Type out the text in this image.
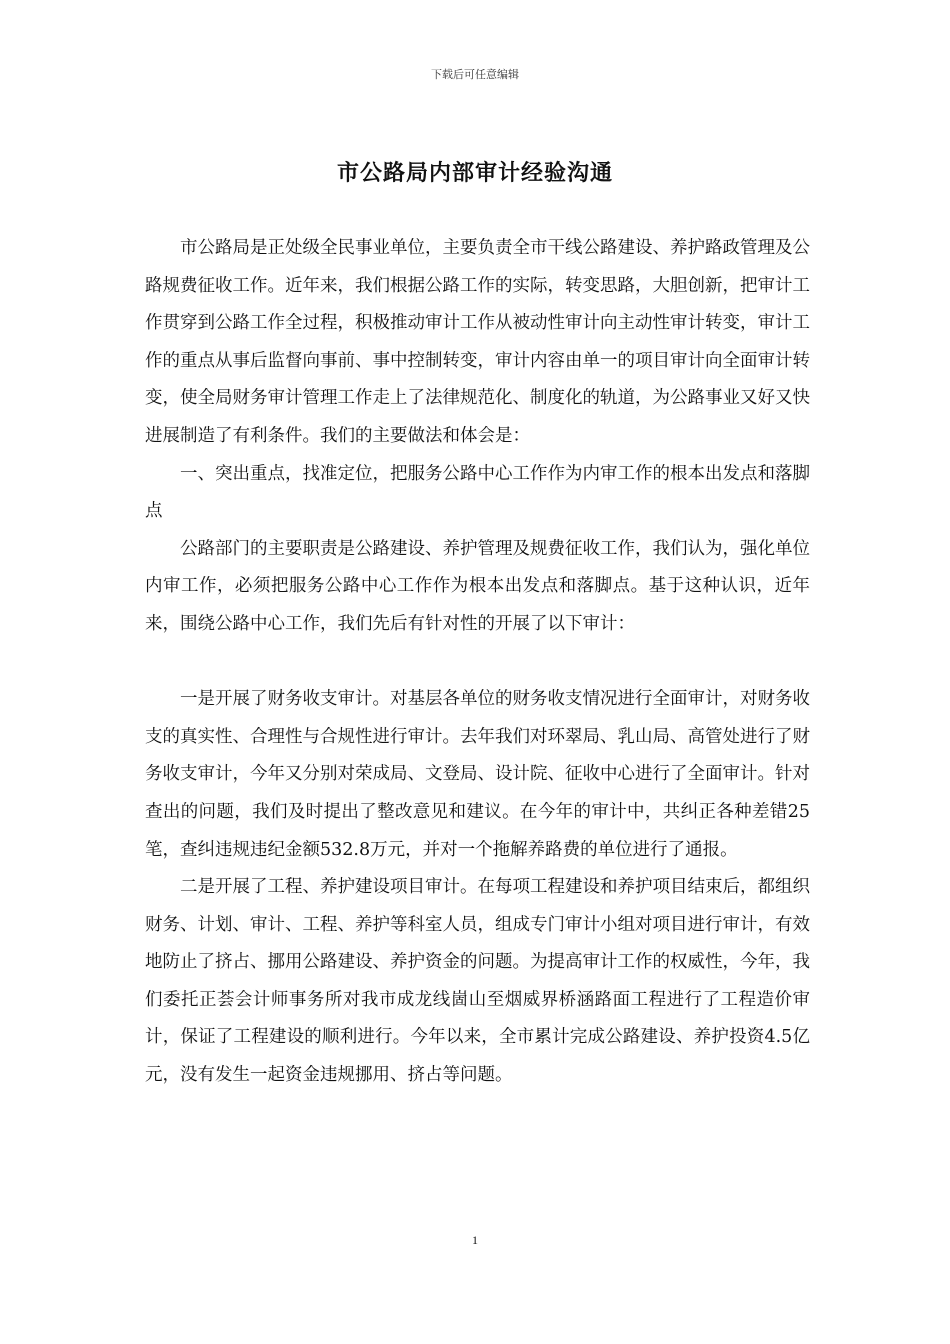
下载后可任意编辑
市公路局内部审计经验沟通

市公路局是正处级全民事业单位，主要负责全市干线公路建设、养护路政管理及公路规费征收工作。近年来，我们根据公路工作的实际，转变思路，大胆创新，把审计工作贯穿到公路工作全过程，积极推动审计工作从被动性审计向主动性审计转变，审计工作的重点从事后监督向事前、事中控制转变，审计内容由单一的项目审计向全面审计转变，使全局财务审计管理工作走上了法律规范化、制度化的轨道，为公路事业又好又快进展制造了有利条件。我们的主要做法和体会是：

一、突出重点，找准定位，把服务公路中心工作作为内审工作的根本出发点和落脚点

公路部门的主要职责是公路建设、养护管理及规费征收工作，我们认为，强化单位内审工作，必须把服务公路中心工作作为根本出发点和落脚点。基于这种认识，近年来，围绕公路中心工作，我们先后有针对性的开展了以下审计：

一是开展了财务收支审计。对基层各单位的财务收支情况进行全面审计，对财务收支的真实性、合理性与合规性进行审计。去年我们对环翠局、乳山局、高管处进行了财务收支审计，今年又分别对荣成局、文登局、设计院、征收中心进行了全面审计。针对查出的问题，我们及时提出了整改意见和建议。在今年的审计中，共纠正各种差错25笔，查纠违规违纪金额532.8万元，并对一个拖解养路费的单位进行了通报。

二是开展了工程、养护建设项目审计。在每项工程建设和养护项目结束后，都组织财务、计划、审计、工程、养护等科室人员，组成专门审计小组对项目进行审计，有效地防止了挤占、挪用公路建设、养护资金的问题。为提高审计工作的权威性，今年，我们委托正荟会计师事务所对我市成龙线崮山至烟威界桥涵路面工程进行了工程造价审计，保证了工程建设的顺利进行。今年以来，全市累计完成公路建设、养护投资4.5亿元，没有发生一起资金违规挪用、挤占等问题。

1
